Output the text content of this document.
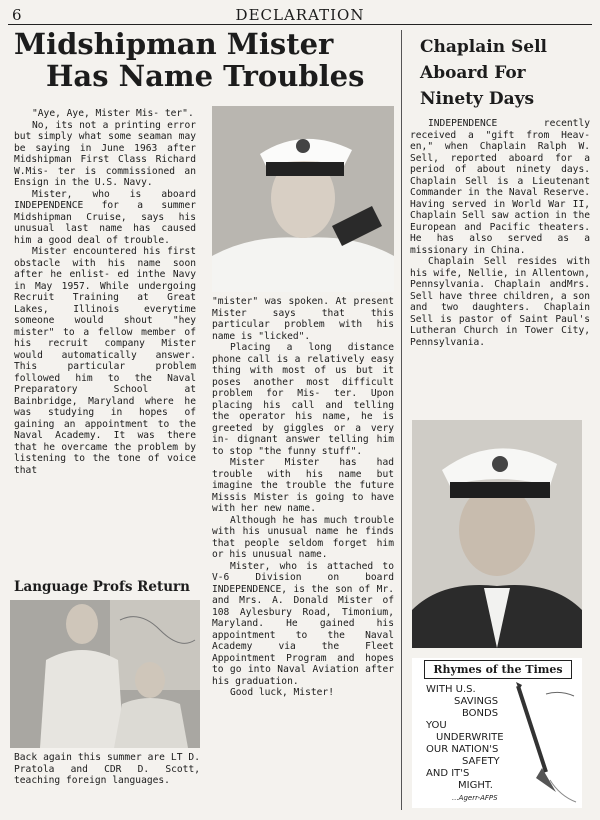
6	DECLARATION
Midshipman Mister
Has Name Troubles

"Aye, Aye, Mister Mis- ter".

No, its not a printing error but simply what some seaman may be saying in June 1963 after Midshipman First Class Richard W.Mis- ter is commissioned an Ensign in the U.S. Navy.

Mister, who is aboard INDEPENDENCE for a summer Midshipman Cruise, says his unusual last name has caused him a good deal of trouble.

Mister encountered his first obstacle with his name soon after he enlist- ed inthe Navy in May 1957. While undergoing Recruit Training at Great Lakes, Illinois everytime someone would shout "hey mister" to a fellow member of his recruit company Mister would automatically answer. This particular problem followed him to the Naval Preparatory School at Bainbridge, Maryland where he was studying in hopes of gaining an appointment to the Naval Academy. It was there that he overcame the problem by listening to the tone of voice that

"mister" was spoken. At present Mister says that this particular problem with his name is "licked".

Placing a long distance phone call is a relatively easy thing with most of us but it poses another most difficult problem for Mis- ter. Upon placing his call and telling the operator his name, he is greeted by giggles or a very in- dignant answer telling him to stop "the funny stuff".

Mister Mister has had trouble with his name but imagine the trouble the future Missis Mister is going to have with her new name.

Although he has much trouble with his unusual name he finds that people seldom forget him or his unusual name.

Mister, who is attached to V-6 Division on board INDEPENDENCE, is the son of Mr. and Mrs. A. Donald Mister of 108 Aylesbury Road, Timonium, Maryland. He gained his appointment to the Naval Academy via the Fleet Appointment Program and hopes to go into Naval Aviation after his graduation.

Good luck, Mister!

Language Profs Return
Back again this summer are LT D. Pratola and CDR D. Scott, teaching foreign languages.
Chaplain Sell
Aboard For
Ninety Days

INDEPENDENCE recently received a "gift from Heav- en," when Chaplain Ralph W. Sell, reported aboard for a period of about ninety days. Chaplain Sell is a Lieutenant Commander in the Naval Reserve. Having served in World War II, Chaplain Sell saw action in the European and Pacific theaters. He has also served as a missionary in China.

Chaplain Sell resides with his wife, Nellie, in Allentown, Pennsylvania. Chaplain andMrs. Sell have three children, a son and two daughters. Chaplain Sell is pastor of Saint Paul's Lutheran Church in Tower City, Pennsylvania.

Rhymes of the Times
WITH U.S.
SAVINGS
BONDS
YOU
UNDERWRITE
OUR NATION'S
SAFETY
AND IT'S
MIGHT.
...Agerr-AFPS
